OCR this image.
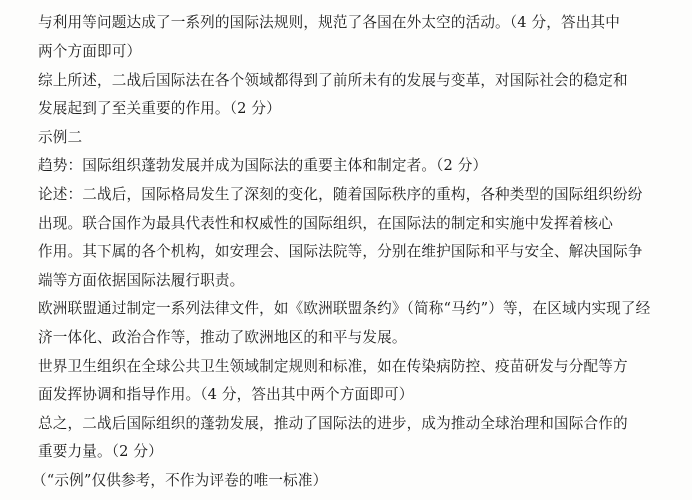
与利用等问题达成了一系列的国际法规则，规范了各国在外太空的活动。（4 分，答出其中
两个方面即可）
综上所述，二战后国际法在各个领域都得到了前所未有的发展与变革，对国际社会的稳定和
发展起到了至关重要的作用。（2 分）
示例二
趋势：国际组织蓬勃发展并成为国际法的重要主体和制定者。（2 分）
论述：二战后，国际格局发生了深刻的变化，随着国际秩序的重构，各种类型的国际组织纷纷
出现。联合国作为最具代表性和权威性的国际组织，在国际法的制定和实施中发挥着核心
作用。其下属的各个机构，如安理会、国际法院等，分别在维护国际和平与安全、解决国际争
端等方面依据国际法履行职责。
欧洲联盟通过制定一系列法律文件，如《欧洲联盟条约》（简称“马约”）等，在区域内实现了经
济一体化、政治合作等，推动了欧洲地区的和平与发展。
世界卫生组织在全球公共卫生领域制定规则和标准，如在传染病防控、疫苗研发与分配等方
面发挥协调和指导作用。（4 分，答出其中两个方面即可）
总之，二战后国际组织的蓬勃发展，推动了国际法的进步，成为推动全球治理和国际合作的
重要力量。（2 分）
（“示例”仅供参考，不作为评卷的唯一标准）
